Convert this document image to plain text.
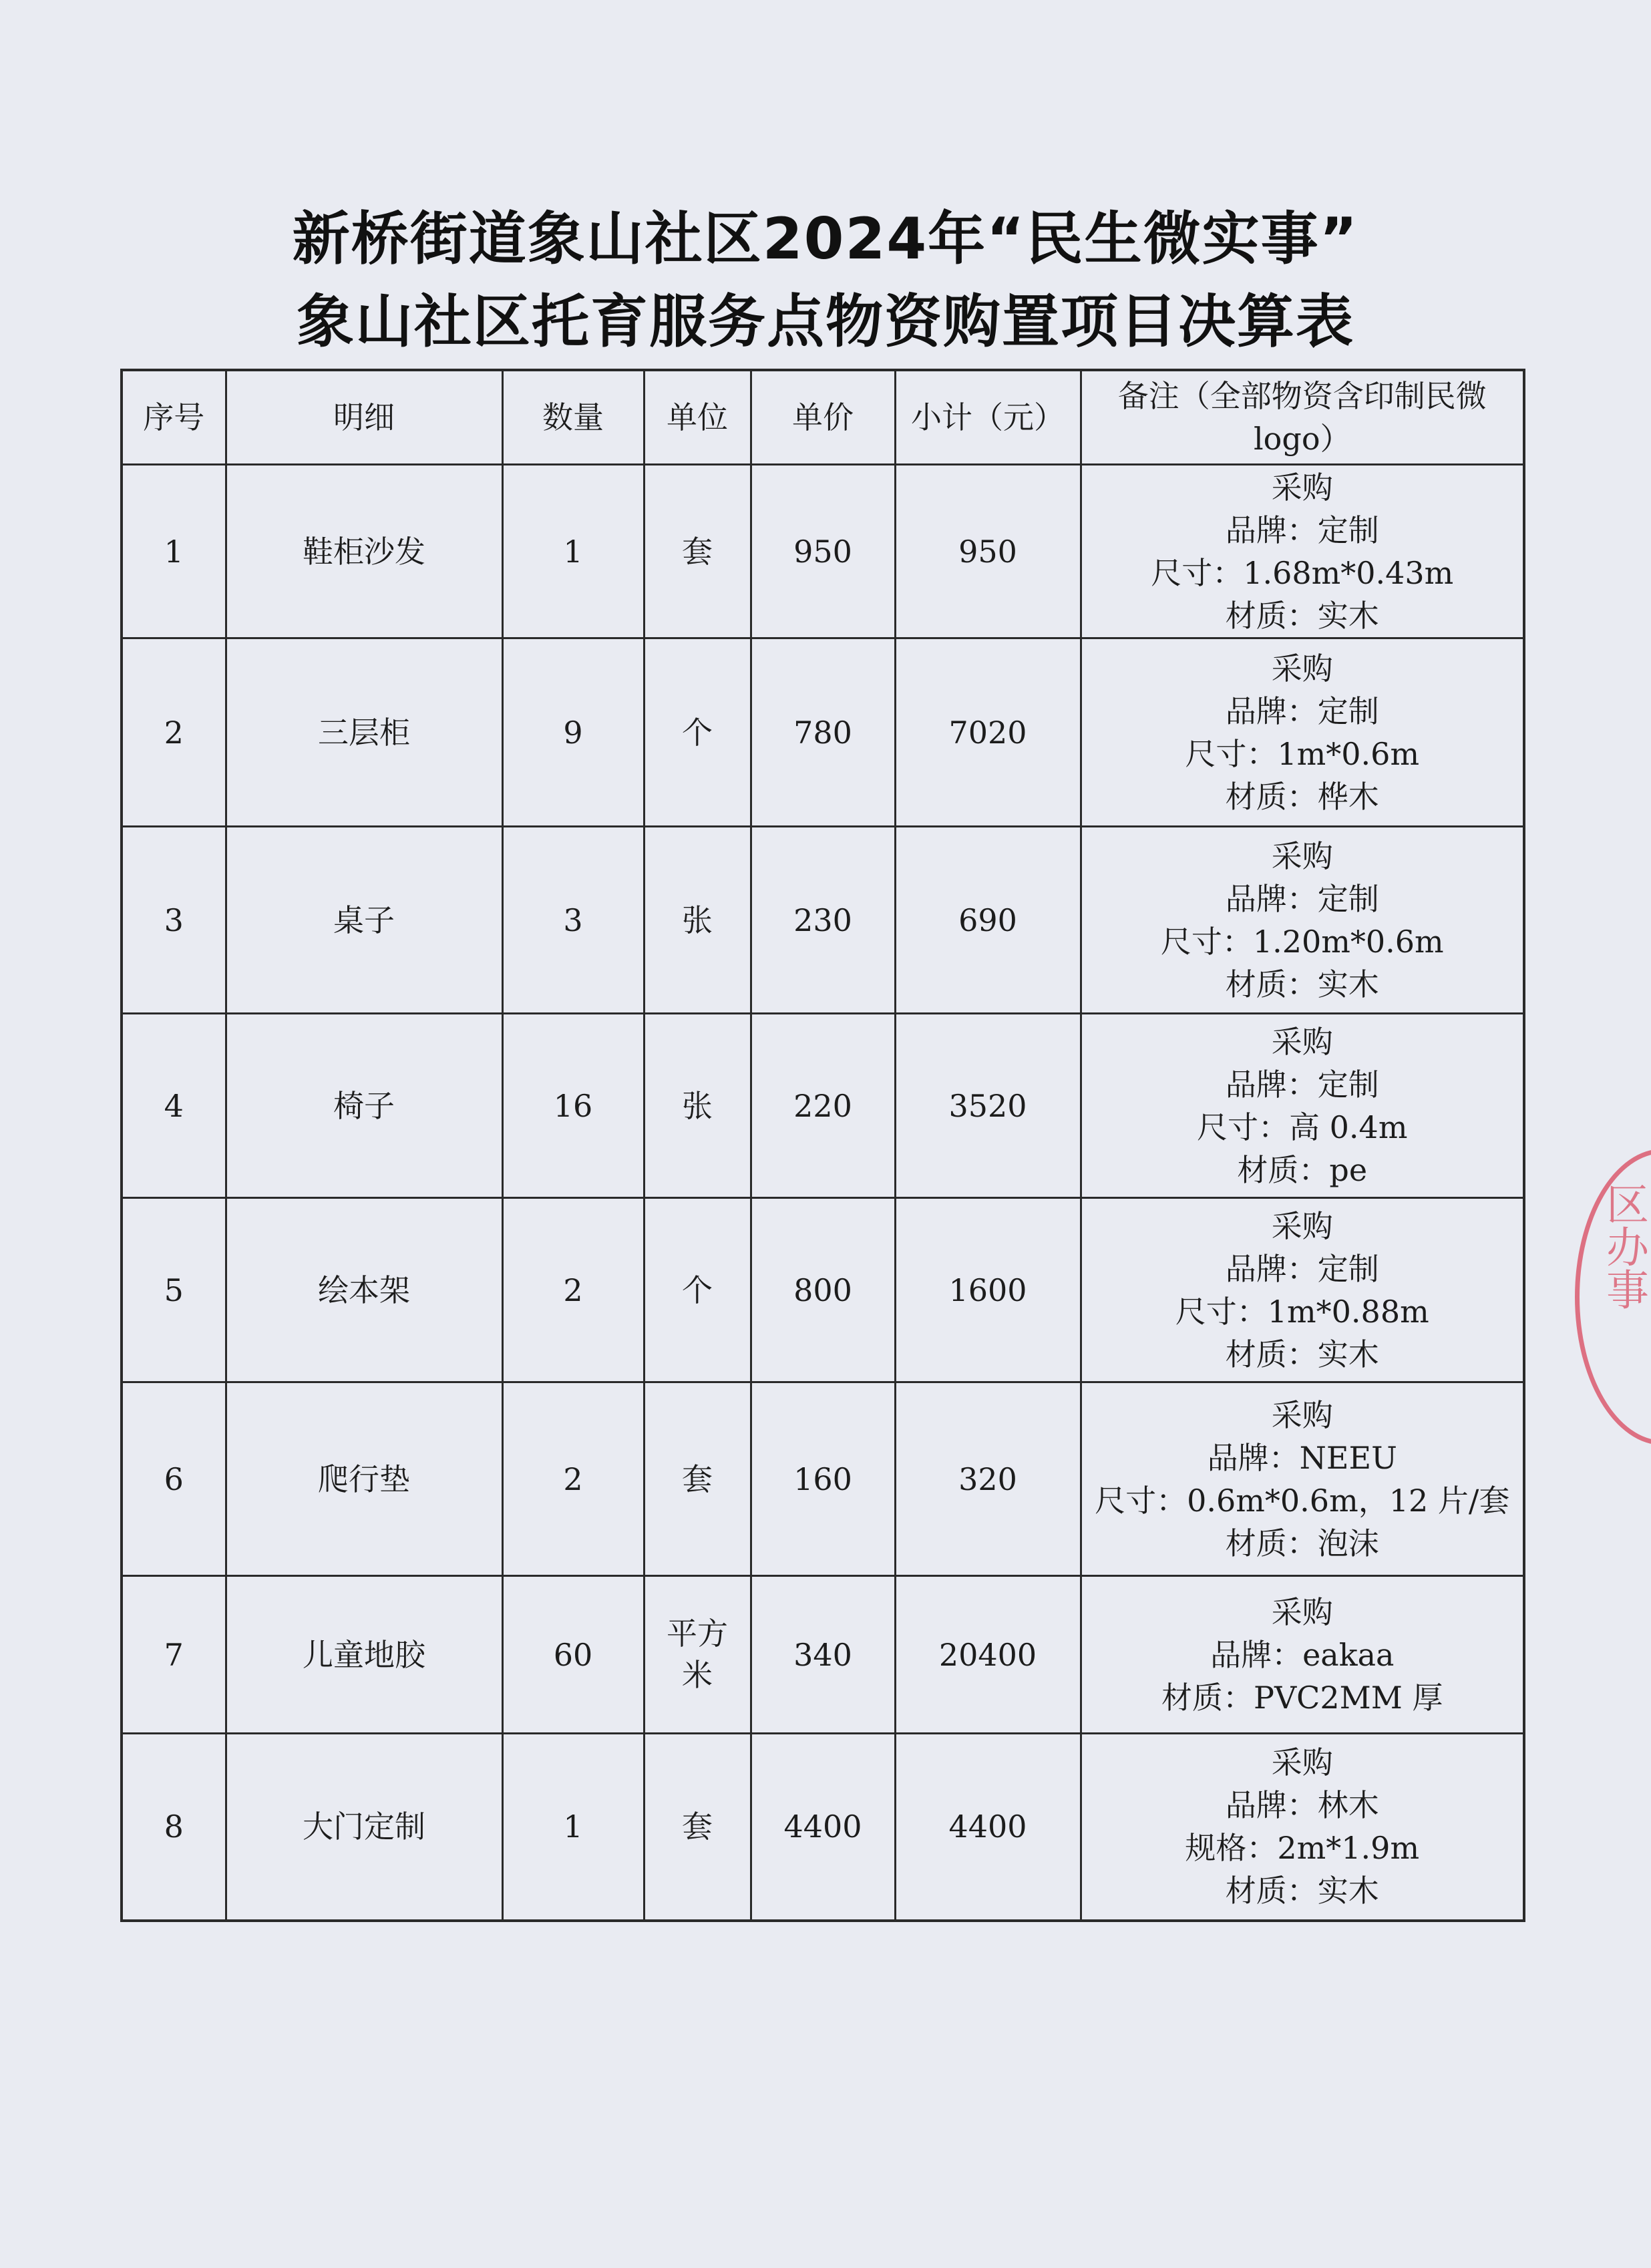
新桥街道象山社区2024年“民生微实事”
象山社区托育服务点物资购置项目决算表
序号	明细	数量	单位	单价	小计（元）	备注（全部物资含印制民微
logo）

1	鞋柜沙发	1	套	950	950	采购
品牌：定制
尺寸：1.68m*0.43m
材质：实木

2	三层柜	9	个	780	7020	采购
品牌：定制
尺寸：1m*0.6m
材质：桦木

3	桌子	3	张	230	690	采购
品牌：定制
尺寸：1.20m*0.6m
材质：实木

4	椅子	16	张	220	3520	采购
品牌：定制
尺寸：高 0.4m
材质：pe

5	绘本架	2	个	800	1600	采购
品牌：定制
尺寸：1m*0.88m
材质：实木

6	爬行垫	2	套	160	320	采购
品牌：NEEU
尺寸：0.6m*0.6m，12 片/套
材质：泡沫

7	儿童地胶	60	平方米	340	20400	采购
品牌：eakaa
材质：PVC2MM 厚

8	大门定制	1	套	4400	4400	采购
品牌：林木
规格：2m*1.9m
材质：实木
区办事
